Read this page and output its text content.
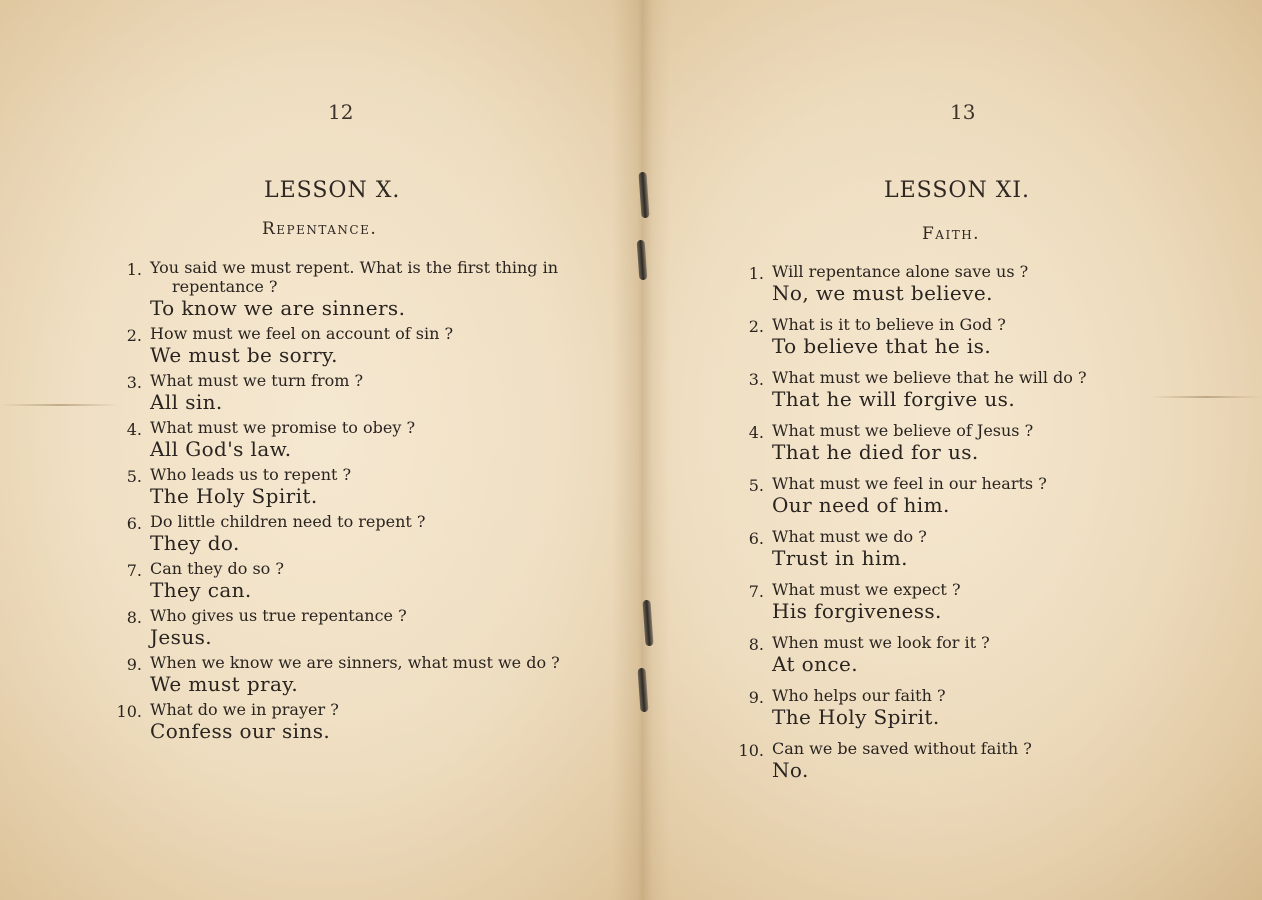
12
LESSON X.
Repentance.
1. You said we must repent. What is the first thing in repentance ?
To know we are sinners.
2. How must we feel on account of sin ?
We must be sorry.
3. What must we turn from ?
All sin.
4. What must we promise to obey ?
All God's law.
5. Who leads us to repent ?
The Holy Spirit.
6. Do little children need to repent ?
They do.
7. Can they do so ?
They can.
8. Who gives us true repentance ?
Jesus.
9. When we know we are sinners, what must we do ?
We must pray.
10. What do we in prayer ?
Confess our sins.
13
LESSON XI.
Faith.
1. Will repentance alone save us ?
No, we must believe.
2. What is it to believe in God ?
To believe that he is.
3. What must we believe that he will do ?
That he will forgive us.
4. What must we believe of Jesus ?
That he died for us.
5. What must we feel in our hearts ?
Our need of him.
6. What must we do ?
Trust in him.
7. What must we expect ?
His forgiveness.
8. When must we look for it ?
At once.
9. Who helps our faith ?
The Holy Spirit.
10. Can we be saved without faith ?
No.
